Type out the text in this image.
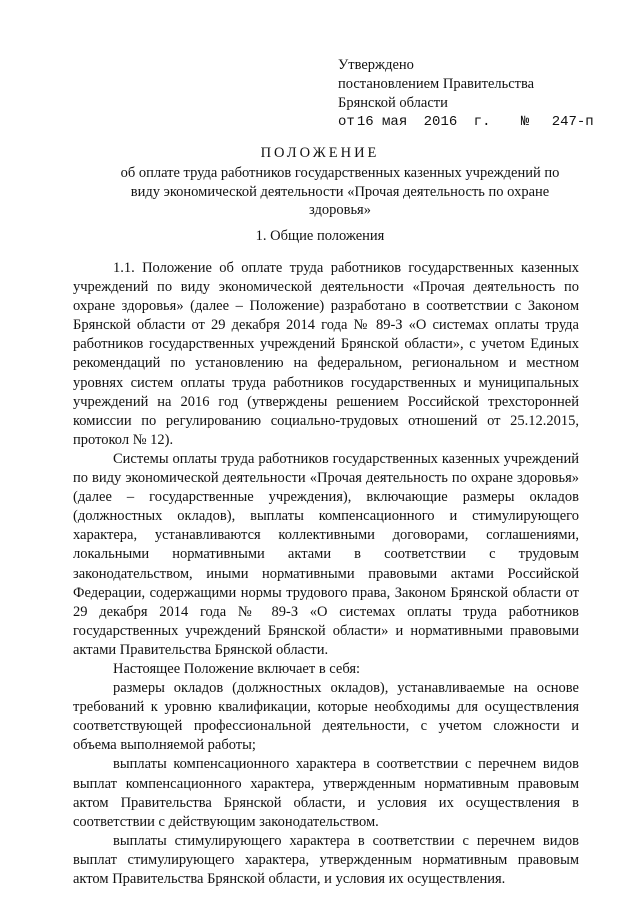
Утверждено
постановлением Правительства
Брянской области
от 16 мая 2016 г. № 247-п
ПОЛОЖЕНИЕ
об оплате труда работников государственных казенных учреждений по виду экономической деятельности «Прочая деятельность по охране здоровья»
1. Общие положения

1.1. Положение об оплате труда работников государственных казенных учреждений по виду экономической деятельности «Прочая деятельность по охране здоровья» (далее – Положение) разработано в соответствии с Законом Брянской области от 29 декабря 2014 года № 89-З «О системах оплаты труда работников государственных учреждений Брянской области», с учетом Единых рекомендаций по установлению на федеральном, региональном и местном уровнях систем оплаты труда работников государственных и муниципальных учреждений на 2016 год (утверждены решением Российской трехсторонней комиссии по регулированию социально-трудовых отношений от 25.12.2015, протокол № 12).

Системы оплаты труда работников государственных казенных учреждений по виду экономической деятельности «Прочая деятельность по охране здоровья» (далее – государственные учреждения), включающие размеры окладов (должностных окладов), выплаты компенсационного и стимулирующего характера, устанавливаются коллективными договорами, соглашениями, локальными нормативными актами в соответствии с трудовым законодательством, иными нормативными правовыми актами Российской Федерации, содержащими нормы трудового права, Законом Брянской области от 29 декабря 2014 года № 89-З «О системах оплаты труда работников государственных учреждений Брянской области» и нормативными правовыми актами Правительства Брянской области.

Настоящее Положение включает в себя:

размеры окладов (должностных окладов), устанавливаемые на основе требований к уровню квалификации, которые необходимы для осуществления соответствующей профессиональной деятельности, с учетом сложности и объема выполняемой работы;

выплаты компенсационного характера в соответствии с перечнем видов выплат компенсационного характера, утвержденным нормативным правовым актом Правительства Брянской области, и условия их осуществления в соответствии с действующим законодательством.

выплаты стимулирующего характера в соответствии с перечнем видов выплат стимулирующего характера, утвержденным нормативным правовым актом Правительства Брянской области, и условия их осуществления.
